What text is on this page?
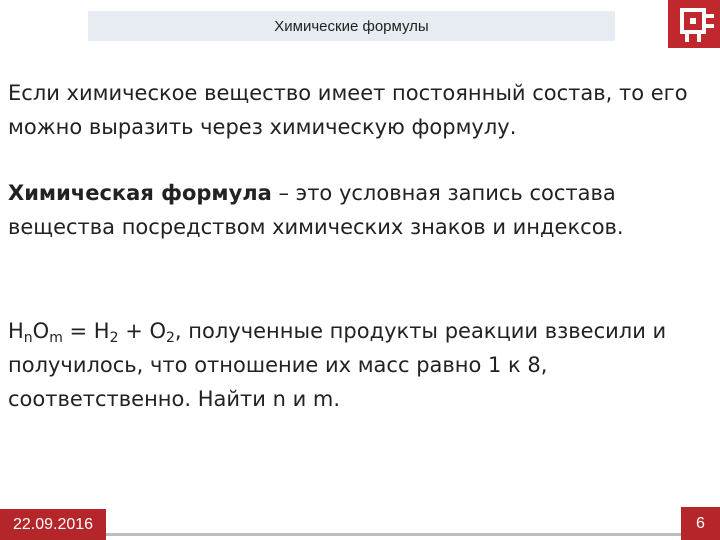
Химические формулы

Если химическое вещество имеет постоянный состав, то его можно выразить через химическую формулу.

Химическая формула – это условная запись состава вещества посредством химических знаков и индексов.

$H_nO_m = H_2 + O_2$, полученные продукты реакции взвесили и получилось, что отношение их масс равно 1 к 8, соответственно. Найти n и m.

22.09.2016	6
